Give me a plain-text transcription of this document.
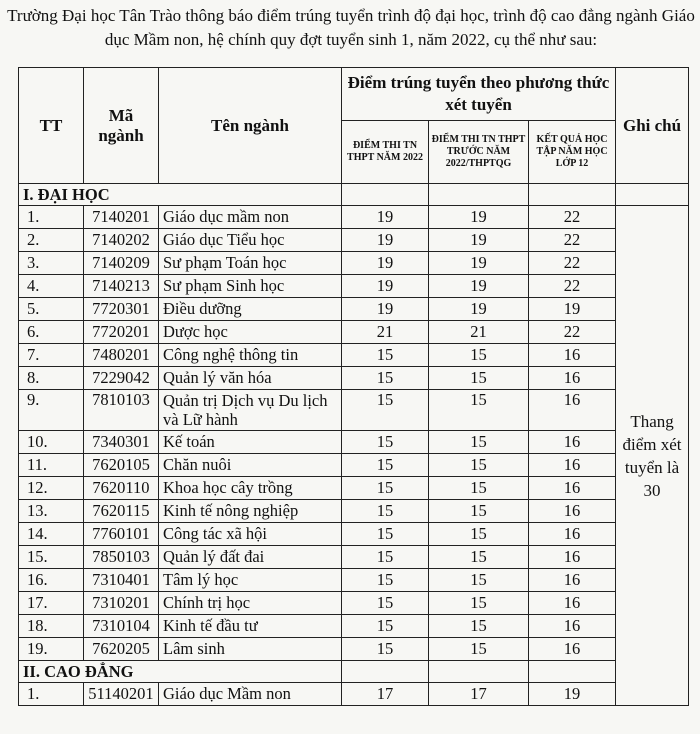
Trường Đại học Tân Trào thông báo điểm trúng tuyển trình độ đại học, trình độ cao đẳng ngành Giáo dục Mầm non, hệ chính quy đợt tuyển sinh 1, năm 2022, cụ thể như sau:
TT	Mã ngành	Tên ngành	Điểm trúng tuyển theo phương thức xét tuyển			Ghi chú
			ĐIỂM THI TN THPT NĂM 2022	ĐIỂM THI TN THPT TRƯỚC NĂM 2022/THPTQG	KẾT QUẢ HỌC TẬP NĂM HỌC LỚP 12	
I. ĐẠI HỌC						
1.	7140201	Giáo dục mầm non	19	19	22	Thang điểm xét tuyển là 30
2.	7140202	Giáo dục Tiểu học	19	19	22	
3.	7140209	Sư phạm Toán học	19	19	22	
4.	7140213	Sư phạm Sinh học	19	19	22	
5.	7720301	Điều dưỡng	19	19	19	
6.	7720201	Dược học	21	21	22	
7.	7480201	Công nghệ thông tin	15	15	16	
8.	7229042	Quản lý văn hóa	15	15	16	
9.	7810103	Quản trị Dịch vụ Du lịch và Lữ hành	15	15	16	
10.	7340301	Kế toán	15	15	16	
11.	7620105	Chăn nuôi	15	15	16	
12.	7620110	Khoa học cây trồng	15	15	16	
13.	7620115	Kinh tế nông nghiệp	15	15	16	
14.	7760101	Công tác xã hội	15	15	16	
15.	7850103	Quản lý đất đai	15	15	16	
16.	7310401	Tâm lý học	15	15	16	
17.	7310201	Chính trị học	15	15	16	
18.	7310104	Kinh tế đầu tư	15	15	16	
19.	7620205	Lâm sinh	15	15	16	
II. CAO ĐẲNG						
1.	51140201	Giáo dục Mầm non	17	17	19	
